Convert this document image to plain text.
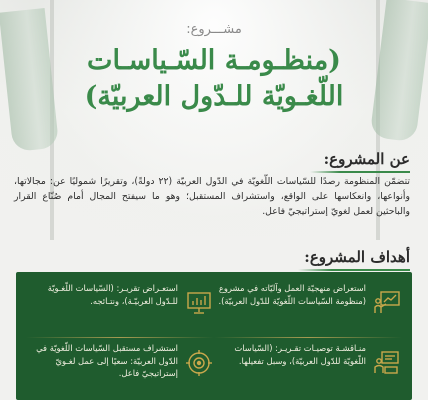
مشـــروع:
(منظـومـة السّـياسـات
اللّغـويّة للـدّول العربيّة)
عن المشروع:

تتضمّن المنظومة رصدًا للسّياسات اللّغويّة في الدّول العربيّة (٢٢ دولةً)، وتقريرًا شموليًا عن: مجالاتها، وأنواعها، وانعكاسها على الواقع، واستشراف المستقبل؛ وهو ما سيفتح المجال أمام صُنّاع القرار والباحثين لعمل لغويّ إستراتيجيّ فاعل.

أهداف المشروع:
استعراض منهجيّة العمل وآليّاته في مشروع (منظومة السّياسات اللّغويّة للدّول العربيّة).
استعـراض تقريـر: (السّياسات اللّغـويّة للـدّول العربيّـة)، ونتـائجه.
منـاقشـة توصيـات تقـريـر: (السّياسات اللّغويّة للدّول العربيّة)، وسبل تفعيلها.
استشراف مستقبل السّياسات اللّغويّة في الدّول العربيّة: سعيًا إلى عمل لغـويّ إستراتيجيّ فاعل.
